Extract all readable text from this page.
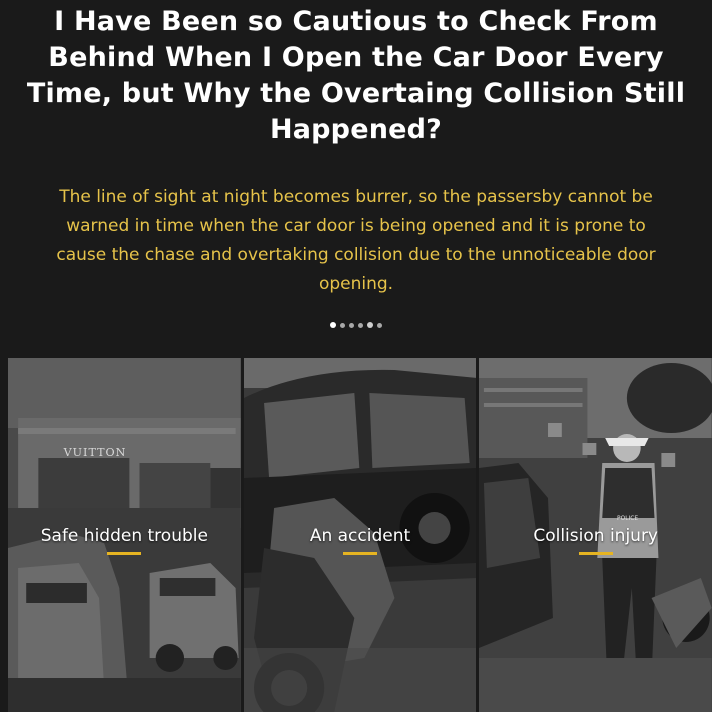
I Have Been so Cautious to Check From Behind When I Open the Car Door Every Time, but Why the Overtaing Collision Still Happened?

The line of sight at night becomes burrer, so the passersby cannot be warned in time when the car door is being opened and it is prone to cause the chase and overtaking collision due to the unnoticeable door opening.

VUITTON
Safe hidden trouble	An accident
POLICE
Collision injury
